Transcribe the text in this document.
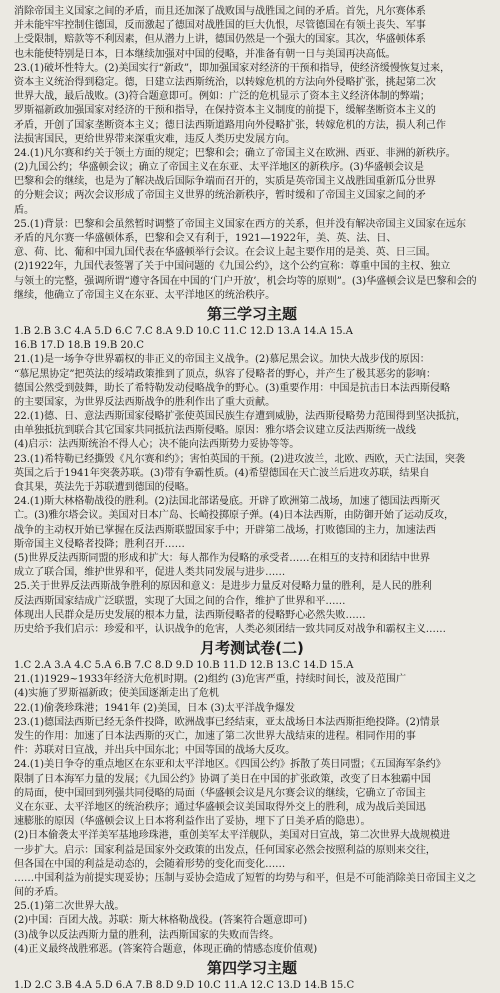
消除帝国主义国家之间的矛盾，而且还加深了战败国与战胜国之间的矛盾。首先，凡尔赛体系
并未能牢牢控制住德国，反而激起了德国对战胜国的巨大仇恨，尽管德国在有领土丧失、军事
上受限制，赔款等不利因素，但从潜力上讲，德国仍然是一个强大的国家。其次，华盛顿体系
也未能使特别是日本，日本继续加强对中国的侵略，并准备有朝一日与美国再决高低。
23.(1)破坏性特大。(2)美国实行“新政”，即加强国家对经济的干预和指导，使经济缓慢恢复过来，
资本主义统治得到稳定。德，日建立法西斯统治，以转嫁危机的方法向外侵略扩张，挑起第二次
世界大战，最后战败。(3)符合题意即可。例如：广泛的危机显示了资本主义经济体制的弊端；
罗斯福新政加强国家对经济的干预和指导，在保持资本主义制度的前提下，缓解垄断资本主义的
矛盾，开创了国家垄断资本主义；德日法西斯道路用向外侵略扩张，转嫁危机的方法，损人利己作
法损害国民，更给世界带来深重灾难，违反人类历史发展方向。
24.(1)凡尔赛和约关于领土方面的规定；巴黎和会；确立了帝国主义在欧洲、西亚、非洲的新秩序。
(2)九国公约；华盛顿会议；确立了帝国主义在东亚、太平洋地区的新秩序。(3)华盛顿会议是
巴黎和会的继续，也是为了解决战后国际争端而召开的，实质是英帝国主义战胜国重新瓜分世界
的分赃会议；两次会议形成了帝国主义世界的统治新秩序，暂时缓和了帝国主义国家之间的矛
盾。
25.(1)背景：巴黎和会虽然暂时调整了帝国主义国家在西方的关系，但并没有解决帝国主义国家在远东
矛盾的凡尔赛一华盛顿体系，巴黎和会又有利于，1921—1922年，美、英、法、日、
意、荷、比、葡和中国九国代表在华盛顿举行会议。在会议上起主要作用的是美、英、日三国。
(2)1922年，九国代表签署了关于中国问题的《九国公约》，这个公约宣称：尊重中国的主权、独立
与领土的完整，强调所谓“遵守各国在中国的‘门户开放’，机会均等的原则”。(3)华盛顿会议是巴黎和会的
继续，他确立了帝国主义在东亚、太平洋地区的统治秩序。
第三学习主题
1.B 2.B 3.C 4.A 5.D 6.C 7.C 8.A 9.D 10.C 11.C 12.D 13.A 14.A 15.A
16.B 17.D 18.B 19.B 20.C
21.(1)是一场争夺世界霸权的非正义的帝国主义战争。(2)慕尼黑会议。加快大战步伐的原因：
“慕尼黑协定”把英法的绥靖政策推到了顶点，纵容了侵略者的野心，并产生了极其恶劣的影响：
德国公然受到鼓舞，助长了希特勒发动侵略战争的野心。(3)重要作用：中国是抗击日本法西斯侵略
的主要国家，为世界反法西斯战争的胜利作出了重大贡献。
22.(1)德、日、意法西斯国家侵略扩张使英国民族生存遭到威胁，法西斯侵略势力范围得到坚决抵抗，
由单独抵抗到联合其它国家共同抵抗法西斯侵略。原因：雅尔塔会议建立反法西斯统一战线
(4)启示：法西斯统治不得人心；决不能向法西斯势力妥协等等。
23.(1)希特勒已经撕毁《凡尔赛和约》；害怕英国的干预。(2)进攻波兰，北欧、西欧，天亡法国，突袭
英国之后于1941年突袭苏联。(3)带有争霸性质。(4)希望德国在天亡波兰后进攻苏联，结果自
食其果，英法先于苏联遭到德国的侵略。
24.(1)斯大林格勒战役的胜利。(2)法国北部诺曼底。开辟了欧洲第二战场，加速了德国法西斯灭
亡。(3)雅尔塔会议。美国对日本广岛、长崎投掷原子弹。(4)日本法西斯，由防御开始了运动反攻，
战争的主动权开始已掌握在反法西斯联盟国家手中；开辟第二战场，打败德国的主力，加速法西
斯帝国主义侵略者投降；胜利召开……
(5)世界反法西斯同盟的形成和扩大：每人都作为侵略的承受者……在相互的支持和团结中世界
成立了联合国，维护世界和平，促进人类共同发展与进步……
25.关于世界反法西斯战争胜利的原因和意义：是进步力量反对侵略力量的胜利，是人民的胜利
反法西斯国家结成广泛联盟，实现了大国之间的合作，维护了世界和平……
体现出人民群众是历史发展的根本力量，法西斯侵略者的侵略野心必然失败……
历史给予我们启示：珍爱和平，认识战争的危害，人类必须团结一致共同反对战争和霸权主义……
月考测试卷(二)
1.C 2.A 3.A 4.C 5.A 6.B 7.C 8.D 9.D 10.B 11.D 12.B 13.C 14.D 15.A
21.(1)1929~1933年经济大危机时期。(2)组约 (3)危害严重，持续时间长，波及范围广
(4)实施了罗斯福新政；使美国逐渐走出了危机
22.(1)偷袭珍珠港；1941年 (2)美国，日本 (3)太平洋战争爆发
23.(1)德国法西斯已经无条件投降，欧洲战事已经结束，亚太战场日本法西斯拒绝投降。(2)情景
发生的作用：加速了日本法西斯的灭亡，加速了第二次世界大战结束的进程。相同作用的事
件：苏联对日宣战，并出兵中国东北；中国等国的战场大反攻。
24.(1)美日争夺的重点地区在东亚和太平洋地区。《四国公约》拆散了英日同盟；《五国海军条约》
限制了日本海军力量的发展；《九国公约》协调了美日在中国的扩张政策，改变了日本独霸中国
的局面，使中国回到列强共同侵略的局面（华盛顿会议是凡尔赛会议的继续，它确立了帝国主
义在东亚、太平洋地区的统治秩序；通过华盛顿会议美国取得外交上的胜利，成为战后美国迅
速膨胀的原因（华盛顿会议上日本将利益作出了妥协，埋下了日美矛盾的隐患）。
(2)日本偷袭太平洋美军基地珍珠港，重创美军太平洋舰队，美国对日宣战，第二次世界大战规模进
一步扩大。启示：国家利益是国家外交政策的出发点，任何国家必然会按照利益的原则来交往，
但各国在中国的利益是动态的，会随着形势的变化而变化……
……中国利益为前提实现妥协；压制与妥协会造成了短暂的均势与和平，但是不可能消除美日帝国主义之
间的矛盾。
25.(1)第二次世界大战。
(2)中国：百团大战。苏联：斯大林格勒战役。(答案符合题意即可)
(3)战争以反法西斯力量的胜利，法西斯国家的失败而告终。
(4)正义最终战胜邪恶。(答案符合题意，体现正确的情感态度价值观)
第四学习主题
1.D 2.C 3.B 4.A 5.D 6.A 7.B 8.D 9.D 10.C 11.A 12.C 13.D 14.B 15.C
